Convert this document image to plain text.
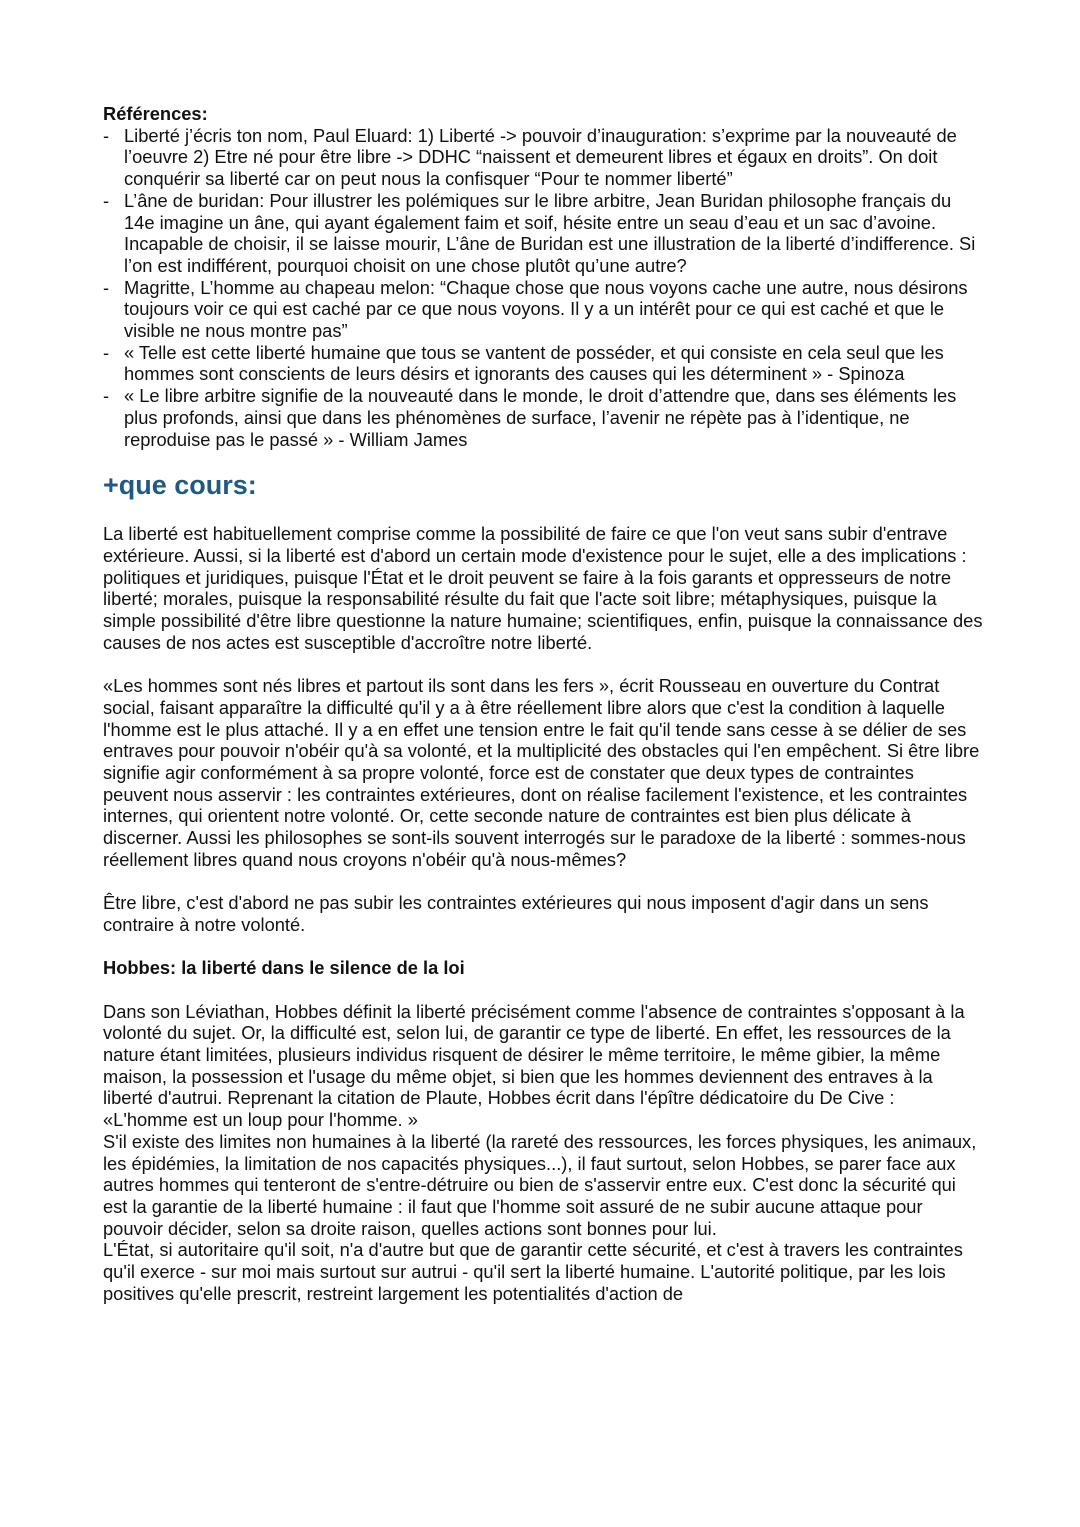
Références:

- Liberté j’écris ton nom, Paul Eluard: 1) Liberté -> pouvoir d’inauguration: s’exprime par la nouveauté de l’oeuvre 2) Etre né pour être libre -> DDHC “naissent et demeurent libres et égaux en droits”. On doit conquérir sa liberté car on peut nous la confisquer “Pour te nommer liberté”
- L’âne de buridan: Pour illustrer les polémiques sur le libre arbitre, Jean Buridan philosophe français du 14e imagine un âne, qui ayant également faim et soif, hésite entre un seau d’eau et un sac d’avoine. Incapable de choisir, il se laisse mourir, L’âne de Buridan est une illustration de la liberté d’indifference. Si l’on est indifférent, pourquoi choisit on une chose plutôt qu’une autre?
- Magritte, L’homme au chapeau melon: “Chaque chose que nous voyons cache une autre, nous désirons toujours voir ce qui est caché par ce que nous voyons. Il y a un intérêt pour ce qui est caché et que le visible ne nous montre pas”
- « Telle est cette liberté humaine que tous se vantent de posséder, et qui consiste en cela seul que les hommes sont conscients de leurs désirs et ignorants des causes qui les déterminent » - Spinoza
- « Le libre arbitre signifie de la nouveauté dans le monde, le droit d’attendre que, dans ses éléments les plus profonds, ainsi que dans les phénomènes de surface, l’avenir ne répète pas à l’identique, ne reproduise pas le passé » - William James
+que cours:

La liberté est habituellement comprise comme la possibilité de faire ce que l'on veut sans subir d'entrave extérieure. Aussi, si la liberté est d'abord un certain mode d'existence pour le sujet, elle a des implications : politiques et juridiques, puisque l'État et le droit peuvent se faire à la fois garants et oppresseurs de notre liberté; morales, puisque la responsabilité résulte du fait que l'acte soit libre; métaphysiques, puisque la simple possibilité d'être libre questionne la nature humaine; scientifiques, enfin, puisque la connaissance des causes de nos actes est susceptible d'accroître notre liberté.

«Les hommes sont nés libres et partout ils sont dans les fers », écrit Rousseau en ouverture du Contrat social, faisant apparaître la difficulté qu'il y a à être réellement libre alors que c'est la condition à laquelle l'homme est le plus attaché. Il y a en effet une tension entre le fait qu'il tende sans cesse à se délier de ses entraves pour pouvoir n'obéir qu'à sa volonté, et la multiplicité des obstacles qui l'en empêchent. Si être libre signifie agir conformément à sa propre volonté, force est de constater que deux types de contraintes peuvent nous asservir : les contraintes extérieures, dont on réalise facilement l'existence, et les contraintes internes, qui orientent notre volonté. Or, cette seconde nature de contraintes est bien plus délicate à discerner. Aussi les philosophes se sont-ils souvent interrogés sur le paradoxe de la liberté : sommes-nous réellement libres quand nous croyons n'obéir qu'à nous-mêmes?

Être libre, c'est d'abord ne pas subir les contraintes extérieures qui nous imposent d'agir dans un sens contraire à notre volonté.

Hobbes: la liberté dans le silence de la loi

Dans son Léviathan, Hobbes définit la liberté précisément comme l'absence de contraintes s'opposant à la volonté du sujet. Or, la difficulté est, selon lui, de garantir ce type de liberté. En effet, les ressources de la nature étant limitées, plusieurs individus risquent de désirer le même territoire, le même gibier, la même maison, la possession et l'usage du même objet, si bien que les hommes deviennent des entraves à la liberté d'autrui. Reprenant la citation de Plaute, Hobbes écrit dans l'épître dédicatoire du De Cive : «L'homme est un loup pour l'homme. »

S'il existe des limites non humaines à la liberté (la rareté des ressources, les forces physiques, les animaux, les épidémies, la limitation de nos capacités physiques...), il faut surtout, selon Hobbes, se parer face aux autres hommes qui tenteront de s'entre-détruire ou bien de s'asservir entre eux. C'est donc la sécurité qui est la garantie de la liberté humaine : il faut que l'homme soit assuré de ne subir aucune attaque pour pouvoir décider, selon sa droite raison, quelles actions sont bonnes pour lui.

L'État, si autoritaire qu'il soit, n'a d'autre but que de garantir cette sécurité, et c'est à travers les contraintes qu'il exerce - sur moi mais surtout sur autrui - qu'il sert la liberté humaine. L'autorité politique, par les lois positives qu'elle prescrit, restreint largement les potentialités d'action de
